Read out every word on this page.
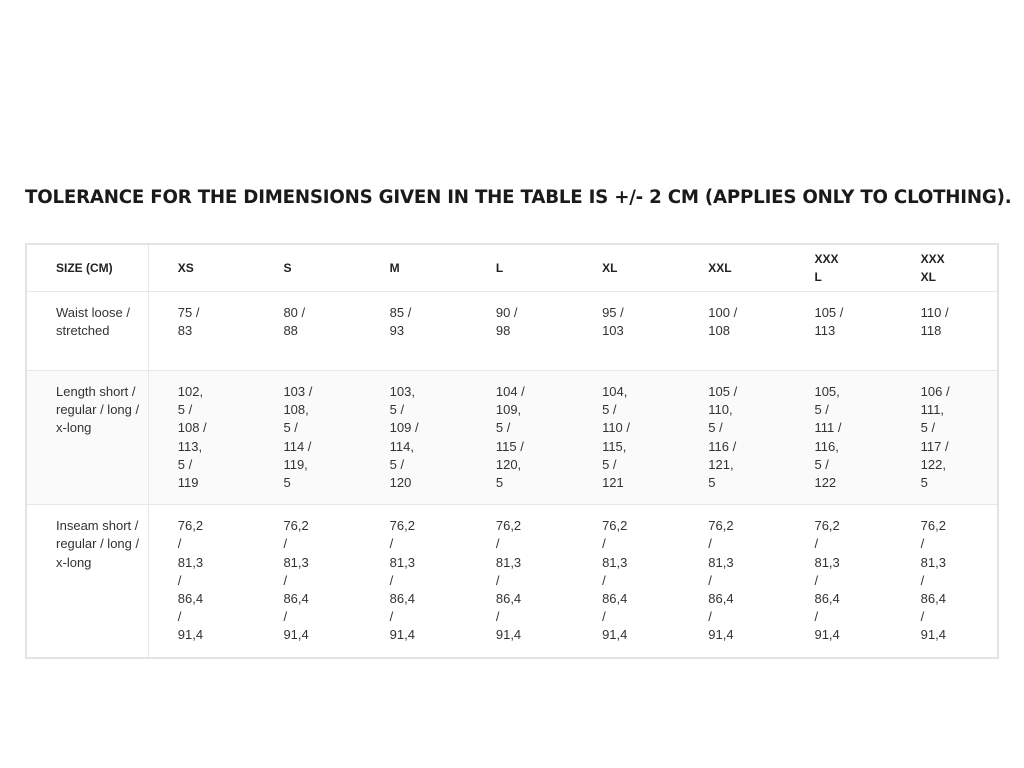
TOLERANCE FOR THE DIMENSIONS GIVEN IN THE TABLE IS +/- 2 CM (APPLIES ONLY TO CLOTHING).
SIZE (CM)	XS	S	M	L	XL	XXL	XXXL	XXXXL
Waist loose / stretched	75 / 83	80 / 88	85 / 93	90 / 98	95 / 103	100 / 108	105 / 113	110 / 118
Length short / regular / long / x-long	102,5 / 108 / 113,5 / 119	103 / 108,5 / 114 / 119,5	103,5 / 109 / 114,5 / 120	104 / 109,5 / 115 / 120,5	104,5 / 110 / 115,5 / 121	105 / 110,5 / 116 / 121,5	105,5 / 111 / 116,5 / 122	106 / 111,5 / 117 / 122,5
Inseam short / regular / long / x-long	76,2 / 81,3 / 86,4 / 91,4	76,2 / 81,3 / 86,4 / 91,4	76,2 / 81,3 / 86,4 / 91,4	76,2 / 81,3 / 86,4 / 91,4	76,2 / 81,3 / 86,4 / 91,4	76,2 / 81,3 / 86,4 / 91,4	76,2 / 81,3 / 86,4 / 91,4	76,2 / 81,3 / 86,4 / 91,4
